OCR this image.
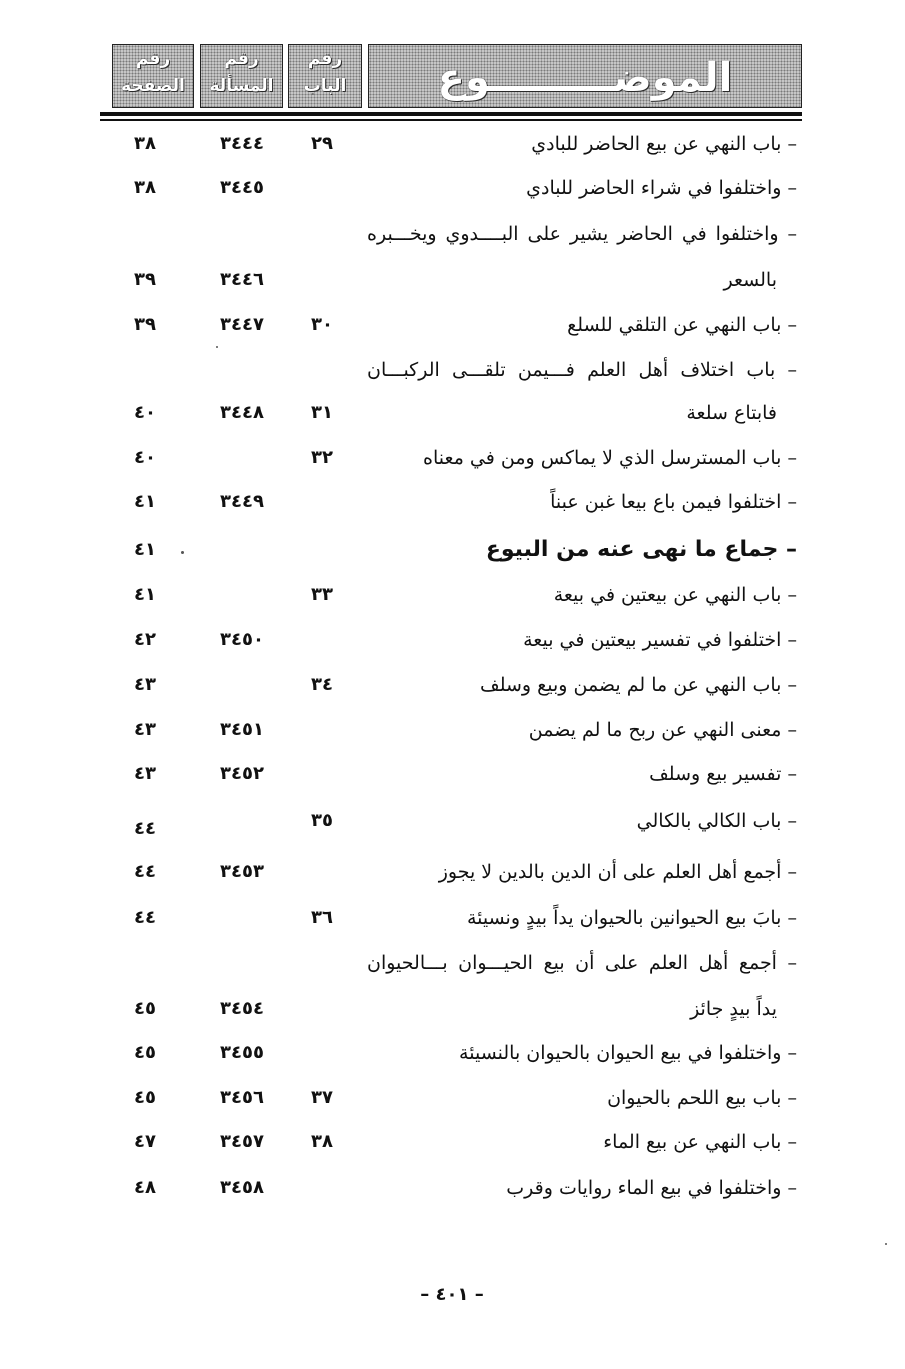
الموضـــــــــوع
رقم
الباب
رقم
المسألة
رقم
الصفحة
– باب النهي عن بيع الحاضر للبادي
٢٩
٣٤٤٤
٣٨
– واختلفوا في شراء الحاضر للبادي
٣٤٤٥
٣٨
– واختلفوا في الحاضر يشير على البــــدوي ويخـــبره
بالسعر
٣٤٤٦
٣٩
– باب النهي عن التلقي للسلع
٣٠
٣٤٤٧
٣٩
– باب اختلاف أهل العلم فـــيمن تلقـــى الركبـــان
فابتاع سلعة
٣١
٣٤٤٨
٤٠
– باب المسترسل الذي لا يماكس ومن في معناه
٣٢
٤٠
– اختلفوا فيمن باع بيعا غبن عبناً
٣٤٤٩
٤١
– جماع ما نهى عنه من البيوع
٤١
– باب النهي عن بيعتين في بيعة
٣٣
٤١
– اختلفوا في تفسير بيعتين في بيعة
٣٤٥٠
٤٢
– باب النهي عن ما لم يضمن وبيع وسلف
٣٤
٤٣
– معنى النهي عن ربح ما لم يضمن
٣٤٥١
٤٣
– تفسير بيع وسلف
٣٤٥٢
٤٣
– باب الكالي بالكالي
٣٥
٤٤
– أجمع أهل العلم على أن الدين بالدين لا يجوز
٣٤٥٣
٤٤
– بابَ بيع الحيوانين بالحيوان يداً بيدٍ ونسيئة
٣٦
٤٤
– أجمع أهل العلم على أن بيع الحيـــوان بـــالحيوان
يداً بيدٍ جائز
٣٤٥٤
٤٥
– واختلفوا في بيع الحيوان بالحيوان بالنسيئة
٣٤٥٥
٤٥
– باب بيع اللحم بالحيوان
٣٧
٣٤٥٦
٤٥
– باب النهي عن بيع الماء
٣٨
٣٤٥٧
٤٧
– واختلفوا في بيع الماء روايات وقرب
٣٤٥٨
٤٨
– ٤٠١ –
